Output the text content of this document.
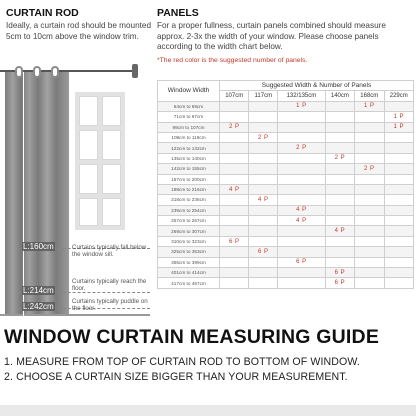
CURTAIN ROD
Ideally, a curtain rod should be mounted 5cm to 10cm above the window trim.
L:160cm	Curtains typically fall below the window sill.
L:214cm
Curtains typically reach the floor.
L:242cm
Curtains typically puddle on the floor.
PANELS
For a proper fullness, curtain panels combined should measure approx. 2-3x the width of your window. Please choose panels according to the width chart below.
*The red color is the suggested number of panels.
Window Width	Suggested Width & Number of Panels					
	107cm	117cm	132/135cm	140cm	168cm	229cm
64cm to 69cm			1 P		1 P	
71cm to 97cm						1 P
99cm to 107cm	2 P					1 P
109cm to 119cm		2 P				
122cm to 132cm			2 P			
135cm to 140cm				2 P		
142cm to 155cm					2 P	
157cm to 200cm						
198cm to 216cm	4 P					
218cm to 236cm		4 P				
239cm to 254cm			4 P			
257cm to 267cm			4 P			
269cm to 307cm				4 P		
310cm to 323cm	6 P					
325cm to 353cm		6 P				
356cm to 399cm			6 P			
401cm to 414cm				6 P		
417cm to 457cm				6 P		
WINDOW CURTAIN MEASURING GUIDE
1. MEASURE FROM TOP OF CURTAIN ROD TO BOTTOM OF WINDOW.
2. CHOOSE A CURTAIN SIZE BIGGER THAN YOUR MEASUREMENT.
